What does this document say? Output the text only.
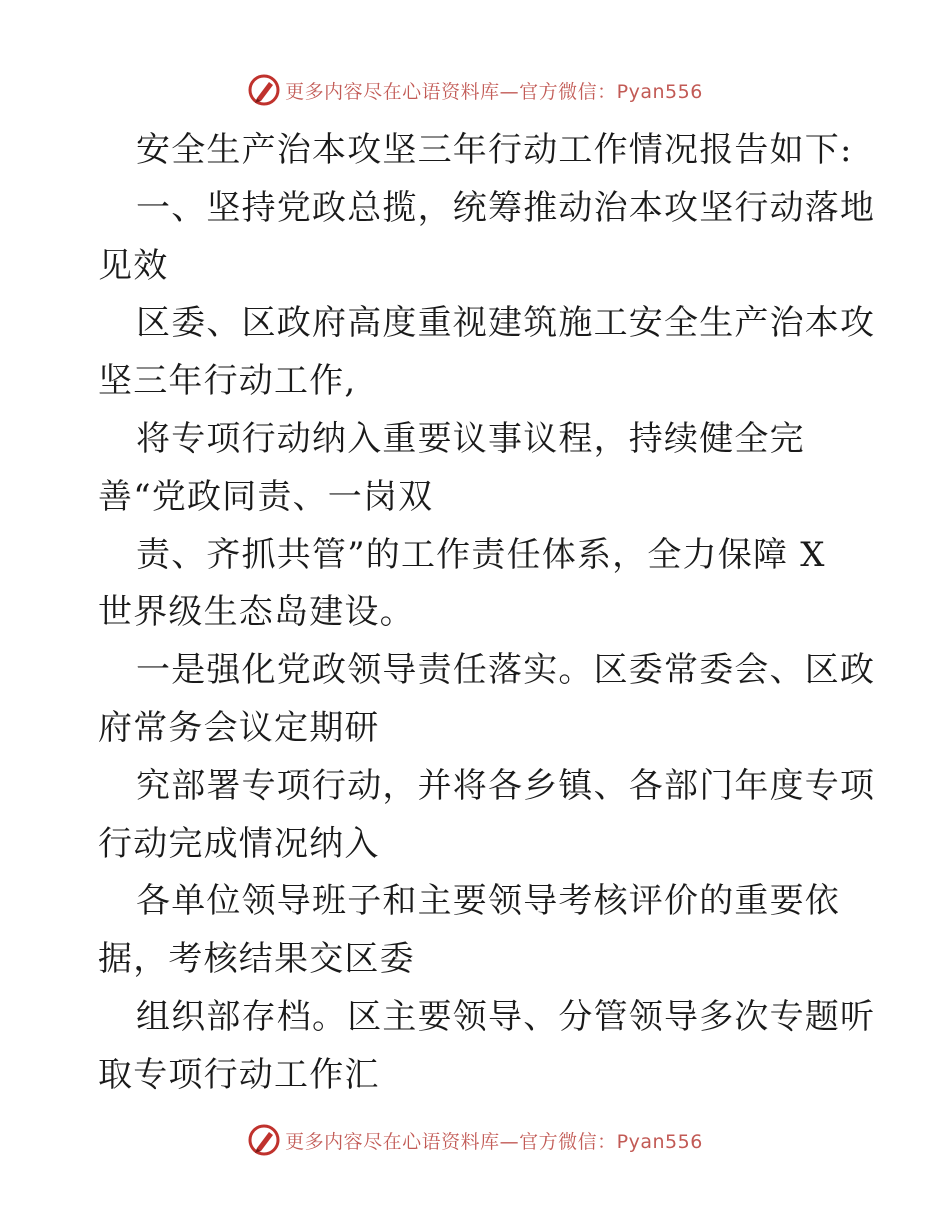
更多内容尽在心语资料库—官方微信：Pyan556
安全生产治本攻坚三年行动工作情况报告如下:
一、坚持党政总揽，统筹推动治本攻坚行动落地
见效
区委、区政府高度重视建筑施工安全生产治本攻
坚三年行动工作,
将专项行动纳入重要议事议程，持续健全完
善“党政同责、一岗双
责、齐抓共管”的工作责任体系，全力保障 X
世界级生态岛建设。
一是强化党政领导责任落实。区委常委会、区政
府常务会议定期研
究部署专项行动，并将各乡镇、各部门年度专项
行动完成情况纳入
各单位领导班子和主要领导考核评价的重要依
据，考核结果交区委
组织部存档。区主要领导、分管领导多次专题听
取专项行动工作汇
更多内容尽在心语资料库—官方微信：Pyan556
